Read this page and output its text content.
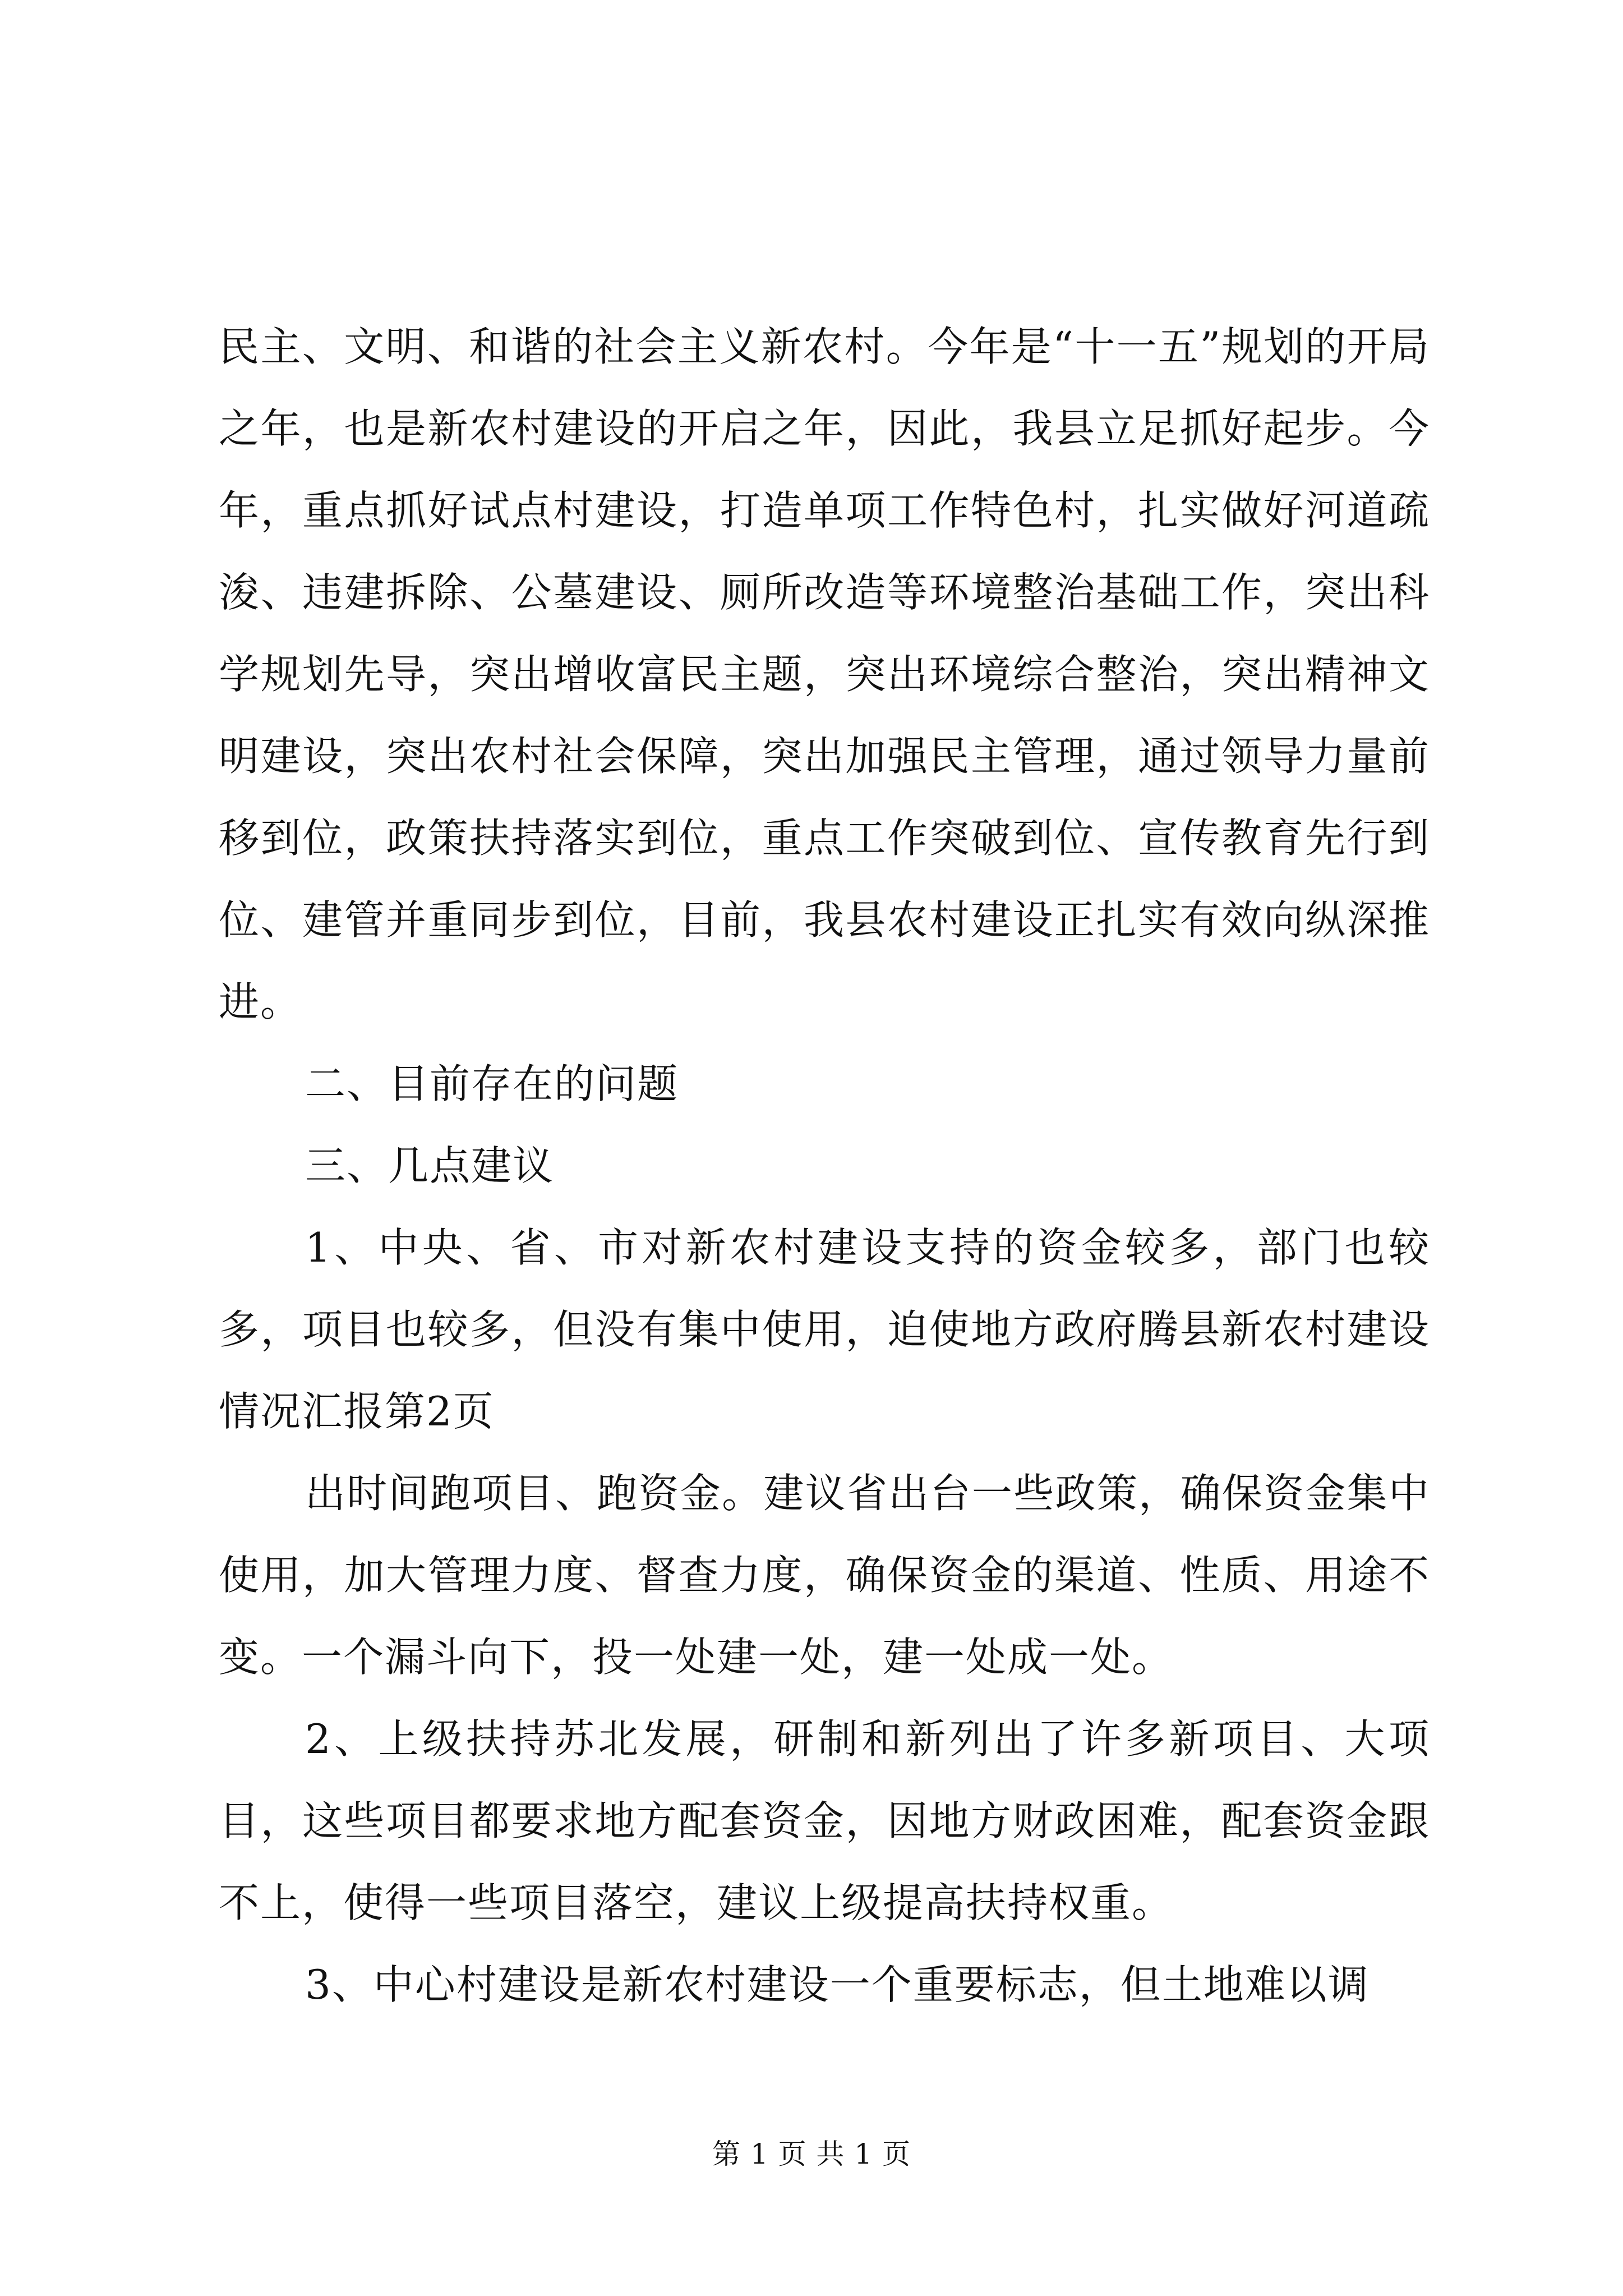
民主、文明、和谐的社会主义新农村。今年是“十一五”规划的开局之年，也是新农村建设的开启之年，因此，我县立足抓好起步。今年，重点抓好试点村建设，打造单项工作特色村，扎实做好河道疏浚、违建拆除、公墓建设、厕所改造等环境整治基础工作，突出科学规划先导，突出增收富民主题，突出环境综合整治，突出精神文明建设，突出农村社会保障，突出加强民主管理，通过领导力量前移到位，政策扶持落实到位，重点工作突破到位、宣传教育先行到位、建管并重同步到位，目前，我县农村建设正扎实有效向纵深推进。

二、目前存在的问题

三、几点建议

1、中央、省、市对新农村建设支持的资金较多，部门也较多，项目也较多，但没有集中使用，迫使地方政府腾县新农村建设情况汇报第2页

出时间跑项目、跑资金。建议省出台一些政策，确保资金集中使用，加大管理力度、督查力度，确保资金的渠道、性质、用途不变。一个漏斗向下，投一处建一处，建一处成一处。

2、上级扶持苏北发展，研制和新列出了许多新项目、大项目，这些项目都要求地方配套资金，因地方财政困难，配套资金跟不上，使得一些项目落空，建议上级提高扶持权重。

3、中心村建设是新农村建设一个重要标志，但土地难以调

第 1 页 共 1 页
